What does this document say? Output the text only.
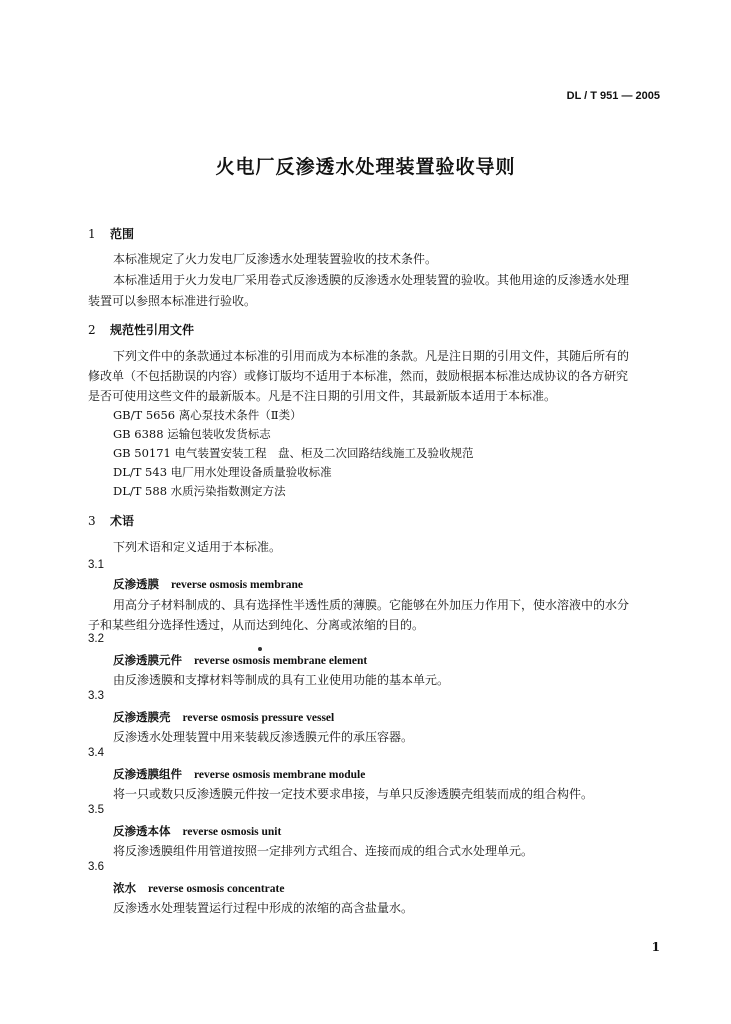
DL / T 951 — 2005
火电厂反渗透水处理装置验收导则
1 范围
本标准规定了火力发电厂反渗透水处理装置验收的技术条件。
本标准适用于火力发电厂采用卷式反渗透膜的反渗透水处理装置的验收。其他用途的反渗透水处理
装置可以参照本标准进行验收。
2 规范性引用文件
下列文件中的条款通过本标准的引用而成为本标准的条款。凡是注日期的引用文件，其随后所有的
修改单（不包括勘误的内容）或修订版均不适用于本标准，然而，鼓励根据本标准达成协议的各方研究
是否可使用这些文件的最新版本。凡是不注日期的引用文件，其最新版本适用于本标准。
GB/T 5656 离心泵技术条件（Ⅱ类）
GB 6388 运输包装收发货标志
GB 50171 电气装置安装工程　盘、柜及二次回路结线施工及验收规范
DL/T 543 电厂用水处理设备质量验收标准
DL/T 588 水质污染指数测定方法
3 术语
下列术语和定义适用于本标准。
3.1
反渗透膜 reverse osmosis membrane
用高分子材料制成的、具有选择性半透性质的薄膜。它能够在外加压力作用下，使水溶液中的水分
子和某些组分选择性透过，从而达到纯化、分离或浓缩的目的。
3.2
反渗透膜元件 reverse osmosis membrane element
由反渗透膜和支撑材料等制成的具有工业使用功能的基本单元。
3.3
反渗透膜壳 reverse osmosis pressure vessel
反渗透水处理装置中用来装载反渗透膜元件的承压容器。
3.4
反渗透膜组件 reverse osmosis membrane module
将一只或数只反渗透膜元件按一定技术要求串接，与单只反渗透膜壳组装而成的组合构件。
3.5
反渗透本体 reverse osmosis unit
将反渗透膜组件用管道按照一定排列方式组合、连接而成的组合式水处理单元。
3.6
浓水 reverse osmosis concentrate
反渗透水处理装置运行过程中形成的浓缩的高含盐量水。
1
